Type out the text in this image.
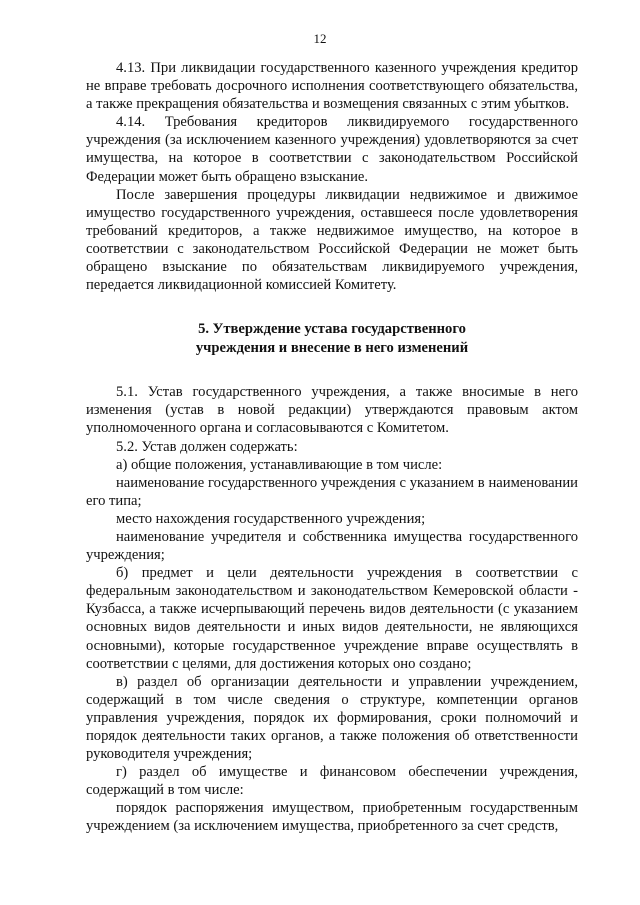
12

4.13. При ликвидации государственного казенного учреждения кредитор не вправе требовать досрочного исполнения соответствующего обязательства, а также прекращения обязательства и возмещения связанных с этим убытков.

4.14. Требования кредиторов ликвидируемого государственного учреждения (за исключением казенного учреждения) удовлетворяются за счет имущества, на которое в соответствии с законодательством Российской Федерации может быть обращено взыскание.

После завершения процедуры ликвидации недвижимое и движимое имущество государственного учреждения, оставшееся после удовлетворения требований кредиторов, а также недвижимое имущество, на которое в соответствии с законодательством Российской Федерации не может быть обращено взыскание по обязательствам ликвидируемого учреждения, передается ликвидационной комиссией Комитету.

5. Утверждение устава государственного
учреждения и внесение в него изменений

5.1. Устав государственного учреждения, а также вносимые в него изменения (устав в новой редакции) утверждаются правовым актом уполномоченного органа и согласовываются с Комитетом.

5.2. Устав должен содержать:

а) общие положения, устанавливающие в том числе:

наименование государственного учреждения с указанием в наименовании его типа;

место нахождения государственного учреждения;

наименование учредителя и собственника имущества государственного учреждения;

б) предмет и цели деятельности учреждения в соответствии с федеральным законодательством и законодательством Кемеровской области - Кузбасса, а также исчерпывающий перечень видов деятельности (с указанием основных видов деятельности и иных видов деятельности, не являющихся основными), которые государственное учреждение вправе осуществлять в соответствии с целями, для достижения которых оно создано;

в) раздел об организации деятельности и управлении учреждением, содержащий в том числе сведения о структуре, компетенции органов управления учреждения, порядок их формирования, сроки полномочий и порядок деятельности таких органов, а также положения об ответственности руководителя учреждения;

г) раздел об имуществе и финансовом обеспечении учреждения, содержащий в том числе:

порядок распоряжения имуществом, приобретенным государственным учреждением (за исключением имущества, приобретенного за счет средств,
